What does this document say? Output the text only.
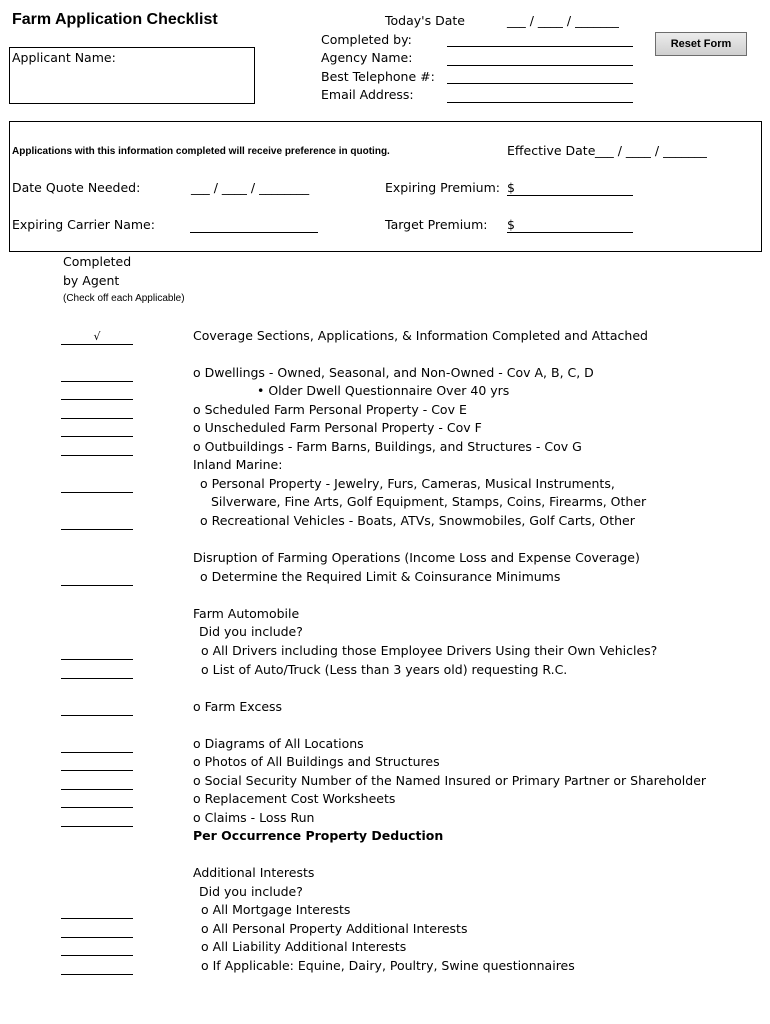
Farm Application Checklist	Today's Date	___ / ____ / _______
Completed by:
Agency Name:
Best Telephone #:
Email Address:
Reset Form
Applicant Name:
Applications with this information completed will receive preference in quoting.	Effective Date ___ / ____ / _______
Date Quote Needed:	___ / ____ / ________	Expiring Premium: $
Expiring Carrier Name:	Target Premium: $
Completed
by Agent
(Check off each Applicable)
√	Coverage Sections, Applications, & Information Completed and Attached
o Dwellings - Owned, Seasonal, and Non-Owned - Cov A, B, C, D
• Older Dwell Questionnaire Over 40 yrs
o Scheduled Farm Personal Property - Cov E
o Unscheduled Farm Personal Property - Cov F
o Outbuildings - Farm Barns, Buildings, and Structures - Cov G
Inland Marine:
o Personal Property - Jewelry, Furs, Cameras, Musical Instruments,
Silverware, Fine Arts, Golf Equipment, Stamps, Coins, Firearms, Other
o Recreational Vehicles - Boats, ATVs, Snowmobiles, Golf Carts, Other
Disruption of Farming Operations (Income Loss and Expense Coverage)
o Determine the Required Limit & Coinsurance Minimums
Farm Automobile
Did you include?
o All Drivers including those Employee Drivers Using their Own Vehicles?
o List of Auto/Truck (Less than 3 years old) requesting R.C.
o Farm Excess
o Diagrams of All Locations
o Photos of All Buildings and Structures
o Social Security Number of the Named Insured or Primary Partner or Shareholder
o Replacement Cost Worksheets
o Claims - Loss Run
Per Occurrence Property Deduction
Additional Interests
Did you include?
o All Mortgage Interests
o All Personal Property Additional Interests
o All Liability Additional Interests
o If Applicable: Equine, Dairy, Poultry, Swine questionnaires
